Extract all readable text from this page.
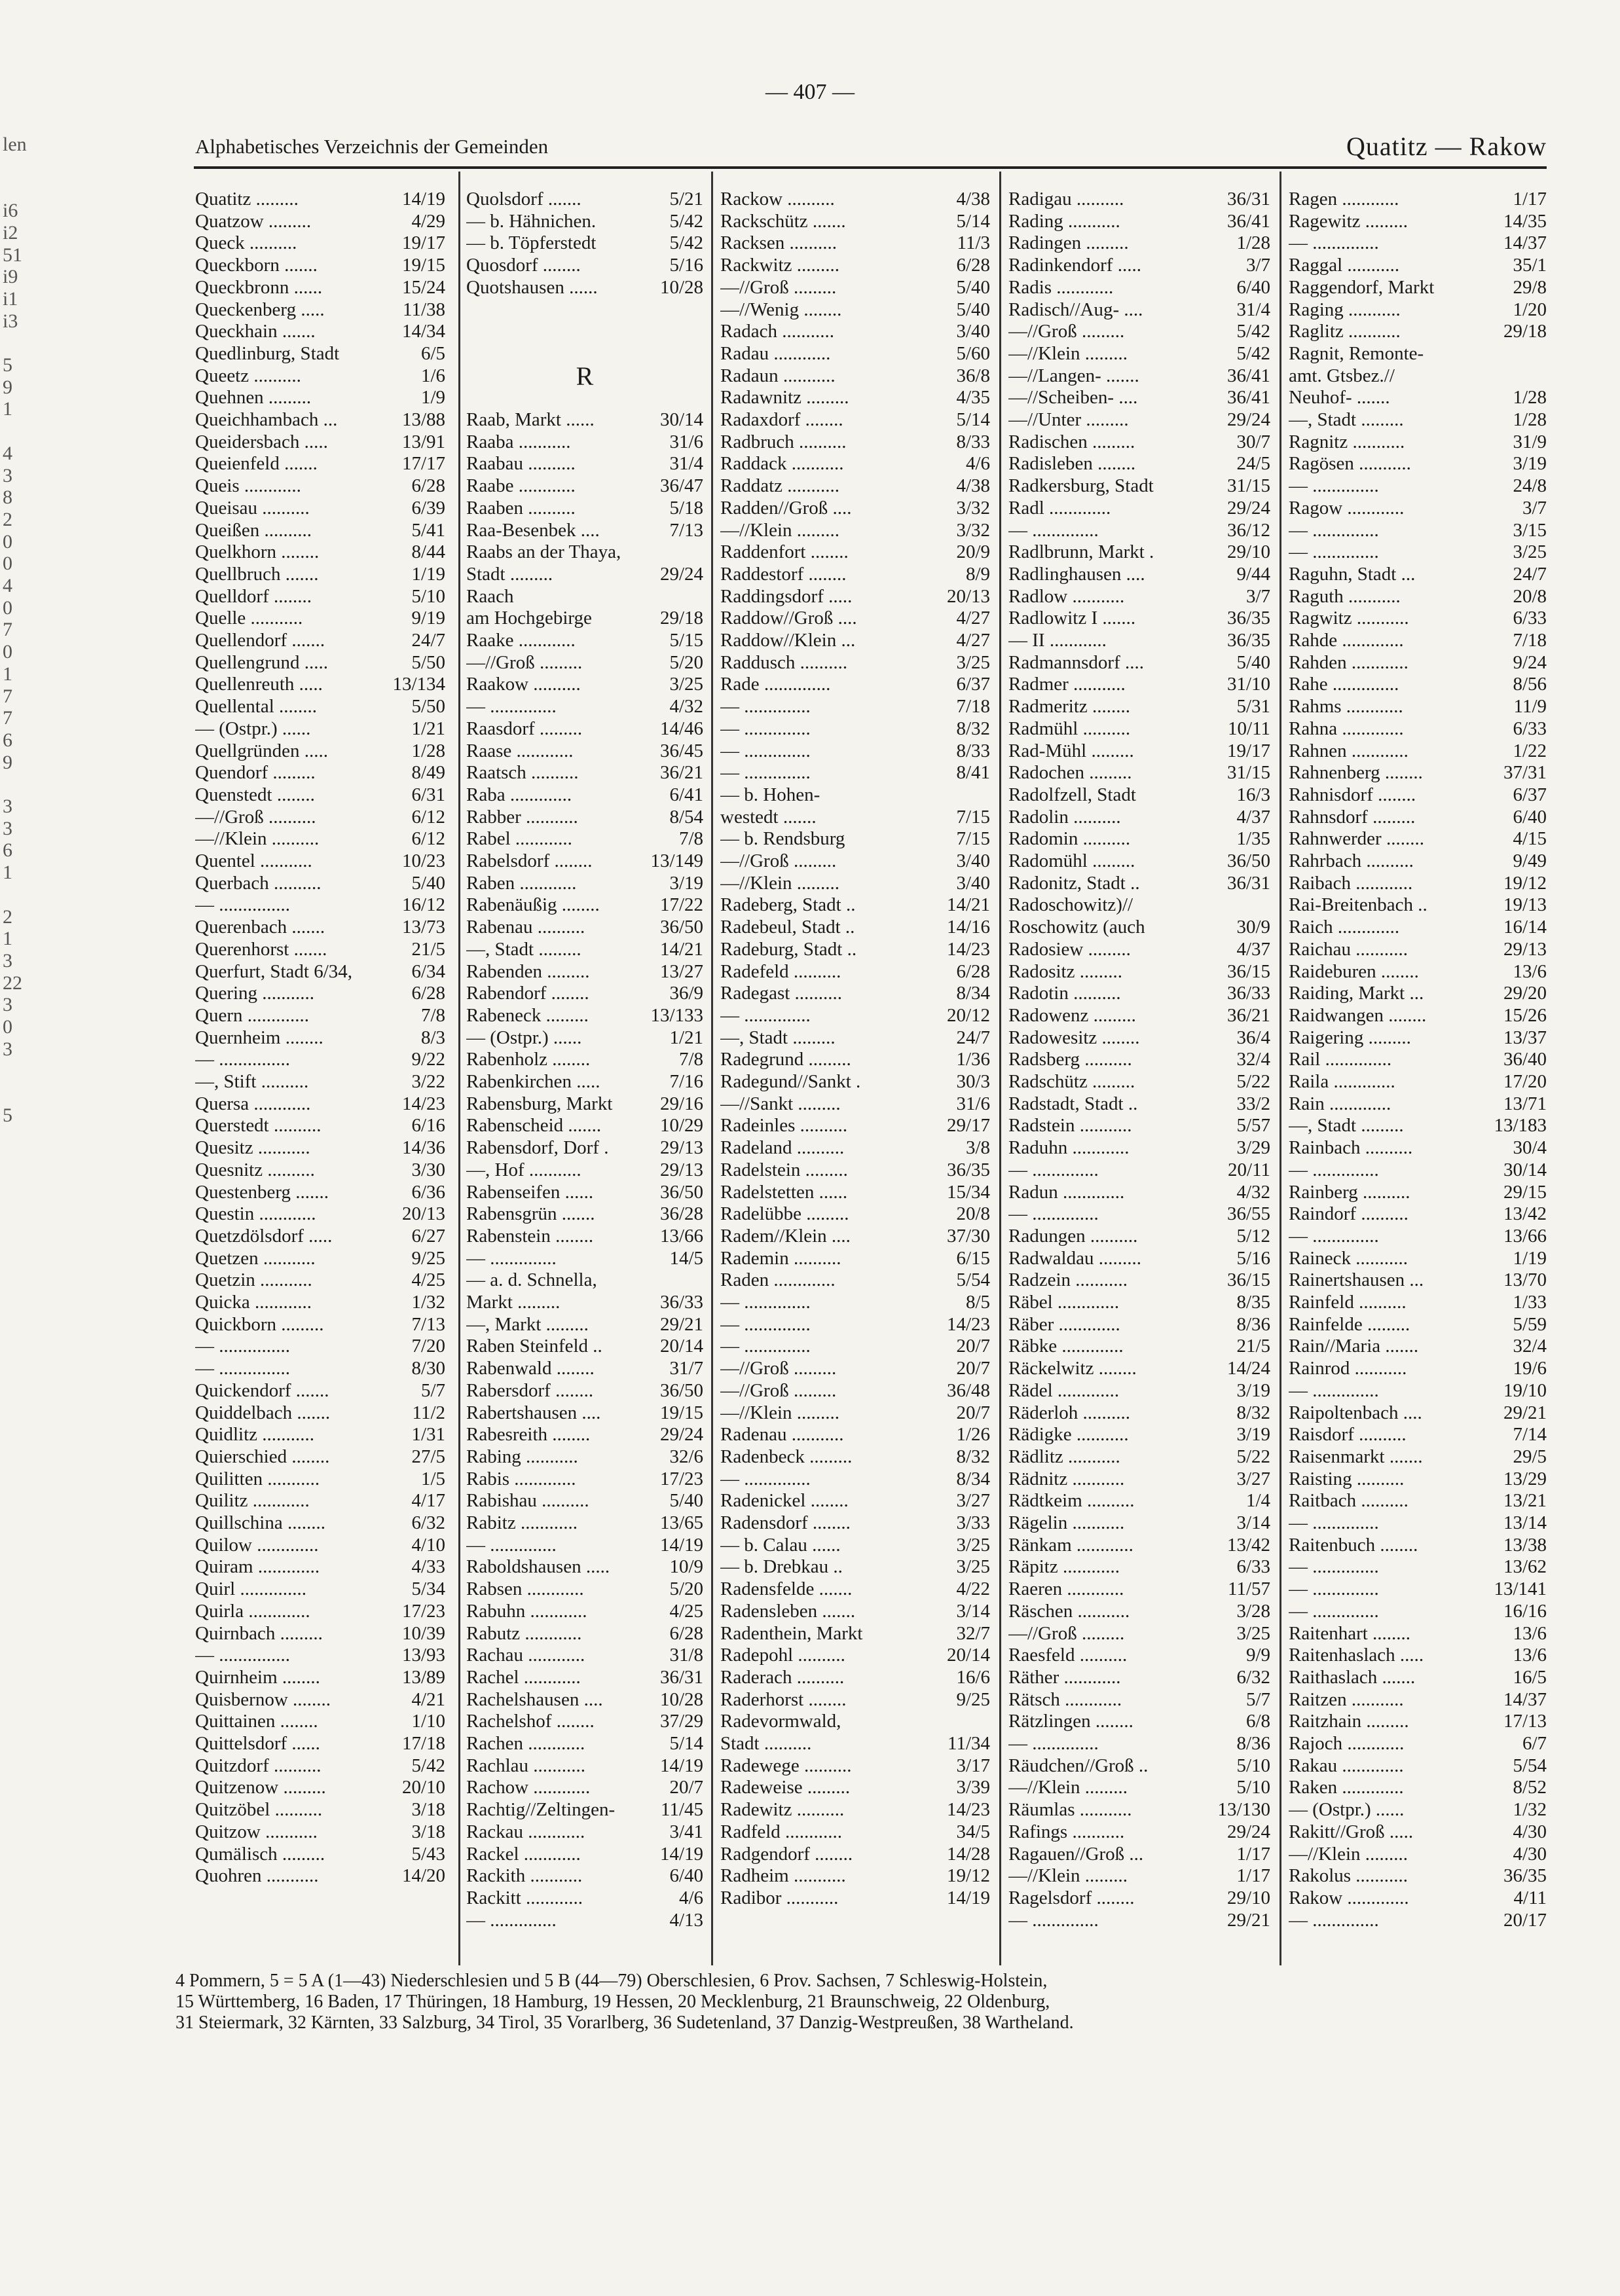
— 407 —
Alphabetisches Verzeichnis der Gemeinden	Quatitz — Rakow
len
i6
i2
51
i9
i1
i3
5
9
1
4
3
8
2
0
0
4
0
7
0
1
7
7
6
9
3
3
6
1
2
1
3
22
3
0
3
5
Quatitz .........	14/19
Quatzow .........	4/29
Queck ..........	19/17
Queckborn .......	19/15
Queckbronn ......	15/24
Queckenberg .....	11/38
Queckhain .......	14/34
Quedlinburg, Stadt	6/5
Queetz ..........	1/6
Quehnen .........	1/9
Queichhambach ...	13/88
Queidersbach .....	13/91
Queienfeld .......	17/17
Queis ............	6/28
Queisau ..........	6/39
Queißen ..........	5/41
Quelkhorn ........	8/44
Quellbruch .......	1/19
Quelldorf ........	5/10
Quelle ...........	9/19
Quellendorf .......	24/7
Quellengrund .....	5/50
Quellenreuth .....	13/134
Quellental ........	5/50
— (Ostpr.) ......	1/21
Quellgründen .....	1/28
Quendorf .........	8/49
Quenstedt ........	6/31
—//Groß ..........	6/12
—//Klein ..........	6/12
Quentel ...........	10/23
Querbach ..........	5/40
— ...............	16/12
Querenbach .......	13/73
Querenhorst .......	21/5
Querfurt, Stadt 6/34,	6/34
Quering ...........	6/28
Quern .............	7/8
Quernheim ........	8/3
— ...............	9/22
—, Stift ..........	3/22
Quersa ............	14/23
Querstedt ..........	6/16
Quesitz ...........	14/36
Quesnitz ..........	3/30
Questenberg .......	6/36
Questin ............	20/13
Quetzdölsdorf .....	6/27
Quetzen ...........	9/25
Quetzin ...........	4/25
Quicka ............	1/32
Quickborn .........	7/13
— ...............	7/20
— ...............	8/30
Quickendorf .......	5/7
Quiddelbach .......	11/2
Quidlitz ...........	1/31
Quierschied ........	27/5
Quilitten ...........	1/5
Quilitz ............	4/17
Quillschina ........	6/32
Quilow .............	4/10
Quiram .............	4/33
Quirl ..............	5/34
Quirla .............	17/23
Quirnbach .........	10/39
— ...............	13/93
Quirnheim ........	13/89
Quisbernow ........	4/21
Quittainen ........	1/10
Quittelsdorf ......	17/18
Quitzdorf ..........	5/42
Quitzenow .........	20/10
Quitzöbel ..........	3/18
Quitzow ...........	3/18
Qumälisch .........	5/43
Quohren ...........	14/20
Quolsdorf .......	5/21
— b. Hähnichen.	5/42
— b. Töpferstedt	5/42
Quosdorf ........	5/16
Quotshausen ......	10/28
R
Raab, Markt ......	30/14
Raaba ...........	31/6
Raabau ..........	31/4
Raabe ............	36/47
Raaben ..........	5/18
Raa-Besenbek ....	7/13
Raabs an der Thaya,
Stadt .........	29/24
Raach
am Hochgebirge	29/18
Raake ............	5/15
—//Groß .........	5/20
Raakow ..........	3/25
— ..............	4/32
Raasdorf .........	14/46
Raase ............	36/45
Raatsch ..........	36/21
Raba .............	6/41
Rabber ...........	8/54
Rabel ............	7/8
Rabelsdorf ........	13/149
Raben ............	3/19
Rabenäußig ........	17/22
Rabenau ..........	36/50
—, Stadt .........	14/21
Rabenden .........	13/27
Rabendorf ........	36/9
Rabeneck .........	13/133
— (Ostpr.) ......	1/21
Rabenholz ........	7/8
Rabenkirchen .....	7/16
Rabensburg, Markt	29/16
Rabenscheid .......	10/29
Rabensdorf, Dorf .	29/13
—, Hof ...........	29/13
Rabenseifen ......	36/50
Rabensgrün .......	36/28
Rabenstein ........	13/66
— ..............	14/5
— a. d. Schnella,
Markt .........	36/33
—, Markt .........	29/21
Raben Steinfeld ..	20/14
Rabenwald ........	31/7
Rabersdorf ........	36/50
Rabertshausen ....	19/15
Rabesreith ........	29/24
Rabing ...........	32/6
Rabis .............	17/23
Rabishau ..........	5/40
Rabitz ............	13/65
— ..............	14/19
Raboldshausen .....	10/9
Rabsen ............	5/20
Rabuhn ............	4/25
Rabutz ............	6/28
Rachau ............	31/8
Rachel ............	36/31
Rachelshausen ....	10/28
Rachelshof ........	37/29
Rachen ............	5/14
Rachlau ...........	14/19
Rachow ............	20/7
Rachtig//Zeltingen- 11/45
Rackau ............	3/41
Rackel ............	14/19
Rackith ...........	6/40
Rackitt ............	4/6
— ..............	4/13
Rackow ..........	4/38
Rackschütz .......	5/14
Racksen ..........	11/3
Rackwitz .........	6/28
—//Groß .........	5/40
—//Wenig ........	5/40
Radach ...........	3/40
Radau ............	5/60
Radaun ...........	36/8
Radawnitz .........	4/35
Radaxdorf ........	5/14
Radbruch ..........	8/33
Raddack ...........	4/6
Raddatz ...........	4/38
Radden//Groß ....	3/32
—//Klein .........	3/32
Raddenfort ........	20/9
Raddestorf ........	8/9
Raddingsdorf .....	20/13
Raddow//Groß ....	4/27
Raddow//Klein ...	4/27
Raddusch ..........	3/25
Rade ..............	6/37
— ..............	7/18
— ..............	8/32
— ..............	8/33
— ..............	8/41
— b. Hohen-
westedt .......	7/15
— b. Rendsburg	7/15
—//Groß .........	3/40
—//Klein .........	3/40
Radeberg, Stadt ..	14/21
Radebeul, Stadt ..	14/16
Radeburg, Stadt ..	14/23
Radefeld ..........	6/28
Radegast ..........	8/34
— ..............	20/12
—, Stadt .........	24/7
Radegrund .........	1/36
Radegund//Sankt .	30/3
—//Sankt .........	31/6
Radeinles ..........	29/17
Radeland ..........	3/8
Radelstein .........	36/35
Radelstetten ......	15/34
Radelübbe .........	20/8
Radem//Klein ....	37/30
Rademin ..........	6/15
Raden .............	5/54
— ..............	8/5
— ..............	14/23
— ..............	20/7
—//Groß .........	20/7
—//Groß .........	36/48
—//Klein .........	20/7
Radenau ...........	1/26
Radenbeck .........	8/32
— ..............	8/34
Radenickel ........	3/27
Radensdorf ........	3/33
— b. Calau ......	3/25
— b. Drebkau ..	3/25
Radensfelde .......	4/22
Radensleben .......	3/14
Radenthein, Markt	32/7
Radepohl ..........	20/14
Raderach ..........	16/6
Raderhorst ........	9/25
Radevormwald,
Stadt ..........	11/34
Radewege ..........	3/17
Radeweise .........	3/39
Radewitz ..........	14/23
Radfeld ............	34/5
Radgendorf ........	14/28
Radheim ...........	19/12
Radibor ...........	14/19
Radigau ..........	36/31
Rading ...........	36/41
Radingen .........	1/28
Radinkendorf .....	3/7
Radis ............	6/40
Radisch//Aug- ....	31/4
—//Groß .........	5/42
—//Klein .........	5/42
—//Langen- .......	36/41
—//Scheiben- ....	36/41
—//Unter .........	29/24
Radischen .........	30/7
Radisleben ........	24/5
Radkersburg, Stadt	31/15
Radl .............	29/24
— ..............	36/12
Radlbrunn, Markt .	29/10
Radlinghausen ....	9/44
Radlow ...........	3/7
Radlowitz I .......	36/35
— II ............	36/35
Radmannsdorf ....	5/40
Radmer ...........	31/10
Radmeritz ........	5/31
Radmühl ..........	10/11
Rad-Mühl .........	19/17
Radochen .........	31/15
Radolfzell, Stadt	16/3
Radolin ..........	4/37
Radomin ..........	1/35
Radomühl .........	36/50
Radonitz, Stadt ..	36/31
Radoschowitz)//
Roschowitz (auch	30/9
Radosiew .........	4/37
Radositz .........	36/15
Radotin ..........	36/33
Radowenz .........	36/21
Radowesitz ........	36/4
Radsberg ..........	32/4
Radschütz .........	5/22
Radstadt, Stadt ..	33/2
Radstein ...........	5/57
Raduhn ............	3/29
— ..............	20/11
Radun .............	4/32
— ..............	36/55
Radungen ..........	5/12
Radwaldau .........	5/16
Radzein ...........	36/15
Räbel .............	8/35
Räber .............	8/36
Räbke .............	21/5
Räckelwitz ........	14/24
Rädel .............	3/19
Räderloh ..........	8/32
Rädigke ...........	3/19
Rädlitz ...........	5/22
Rädnitz ...........	3/27
Rädtkeim ..........	1/4
Rägelin ...........	3/14
Ränkam ............	13/42
Räpitz ............	6/33
Raeren ............	11/57
Räschen ...........	3/28
—//Groß .........	3/25
Raesfeld ..........	9/9
Räther ............	6/32
Rätsch ............	5/7
Rätzlingen ........	6/8
— ..............	8/36
Räudchen//Groß ..	5/10
—//Klein .........	5/10
Räumlas ...........	13/130
Rafings ...........	29/24
Ragauen//Groß ...	1/17
—//Klein .........	1/17
Ragelsdorf ........	29/10
— ..............	29/21
Ragen ............	1/17
Ragewitz .........	14/35
— ..............	14/37
Raggal ...........	35/1
Raggendorf, Markt	29/8
Raging ...........	1/20
Raglitz ...........	29/18
Ragnit, Remonte-
amt. Gtsbez.//
Neuhof- .......	1/28
—, Stadt .........	1/28
Ragnitz ...........	31/9
Ragösen ...........	3/19
— ..............	24/8
Ragow ............	3/7
— ..............	3/15
— ..............	3/25
Raguhn, Stadt ...	24/7
Raguth ...........	20/8
Ragwitz ...........	6/33
Rahde .............	7/18
Rahden ............	9/24
Rahe ..............	8/56
Rahms ............	11/9
Rahna .............	6/33
Rahnen ............	1/22
Rahnenberg ........	37/31
Rahnisdorf ........	6/37
Rahnsdorf .........	6/40
Rahnwerder ........	4/15
Rahrbach ..........	9/49
Raibach ............	19/12
Rai-Breitenbach ..	19/13
Raich .............	16/14
Raichau ...........	29/13
Raideburen ........	13/6
Raiding, Markt ...	29/20
Raidwangen ........	15/26
Raigering .........	13/37
Rail ..............	36/40
Raila .............	17/20
Rain .............	13/71
—, Stadt .........	13/183
Rainbach ..........	30/4
— ..............	30/14
Rainberg ..........	29/15
Raindorf ..........	13/42
— ..............	13/66
Raineck ...........	1/19
Rainertshausen ...	13/70
Rainfeld ..........	1/33
Rainfelde .........	5/59
Rain//Maria .......	32/4
Rainrod ...........	19/6
— ..............	19/10
Raipoltenbach ....	29/21
Raisdorf ..........	7/14
Raisenmarkt .......	29/5
Raisting ..........	13/29
Raitbach ..........	13/21
— ..............	13/14
Raitenbuch ........	13/38
— ..............	13/62
— ..............	13/141
— ..............	16/16
Raitenhart ........	13/6
Raitenhaslach .....	13/6
Raithaslach .......	16/5
Raitzen ...........	14/37
Raitzhain .........	17/13
Rajoch ............	6/7
Rakau .............	5/54
Raken .............	8/52
— (Ostpr.) ......	1/32
Rakitt//Groß .....	4/30
—//Klein .........	4/30
Rakolus ...........	36/35
Rakow .............	4/11
— ..............	20/17
4 Pommern, 5 = 5 A (1—43) Niederschlesien und 5 B (44—79) Oberschlesien, 6 Prov. Sachsen, 7 Schleswig-Holstein,
15 Württemberg, 16 Baden, 17 Thüringen, 18 Hamburg, 19 Hessen, 20 Mecklenburg, 21 Braunschweig, 22 Oldenburg,
31 Steiermark, 32 Kärnten, 33 Salzburg, 34 Tirol, 35 Vorarlberg, 36 Sudetenland, 37 Danzig-Westpreußen, 38 Wartheland.
